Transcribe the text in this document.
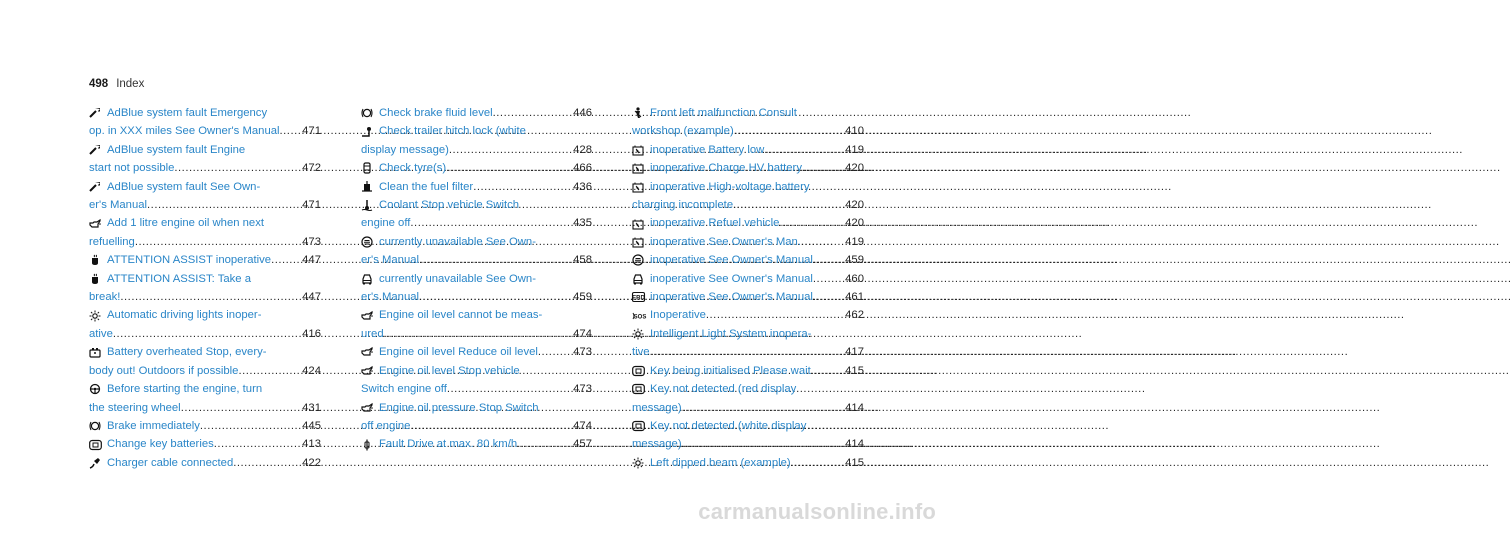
498 Index
AdBlue system fault Emergency
op. in XXX miles See Owner's Manual ..... 471
AdBlue system fault Engine
start not possible .....	472
AdBlue system fault See Own-
er's Manual .....	471
Add 1 litre engine oil when next
refuelling .....	473
ATTENTION ASSIST inoperative .....	447
ATTENTION ASSIST: Take a
break! .....	447
Automatic driving lights inoper-
ative .....	416
Battery overheated Stop, every-
body out! Outdoors if possible .....	424
Before starting the engine, turn
the steering wheel .....	431
Brake immediately .....	445
Change key batteries .....	413
Charger cable connected .....	422
Check brake fluid level .....	446
Check trailer hitch lock (white
display message) .....	428
Check tyre(s) .....	466
Clean the fuel filter .....	436
Coolant Stop vehicle Switch
engine off .....	435
currently unavailable See Own-
er's Manual .....	458
currently unavailable See Own-
er's Manual .....	459
Engine oil level cannot be meas-
ured .....	474
Engine oil level Reduce oil level .....	473
Engine oil level Stop vehicle
Switch engine off .....	473
Engine oil pressure Stop Switch
off engine .....	474
Fault Drive at max. 80 km/h .....	457
Front left malfunction Consult
workshop (example) .....	410
inoperative Battery low .....	419
inoperative Charge HV battery .....	420
inoperative High-voltage battery
charging incomplete .....	420
inoperative Refuel vehicle .....	420
inoperative See Owner's Man. .....	419
inoperative See Owner's Manual .....	459
inoperative See Owner's Manual .....	460
EBD inoperative See Owner's Manual .....	461
SOS Inoperative .....	462
Intelligent Light System inopera-
tive .....	417
Key being initialised Please wait .....	415
Key not detected (red display
message) .....	414
Key not detected (white display
message) .....	414
Left dipped beam (example) .....	415
carmanualsonline.info
